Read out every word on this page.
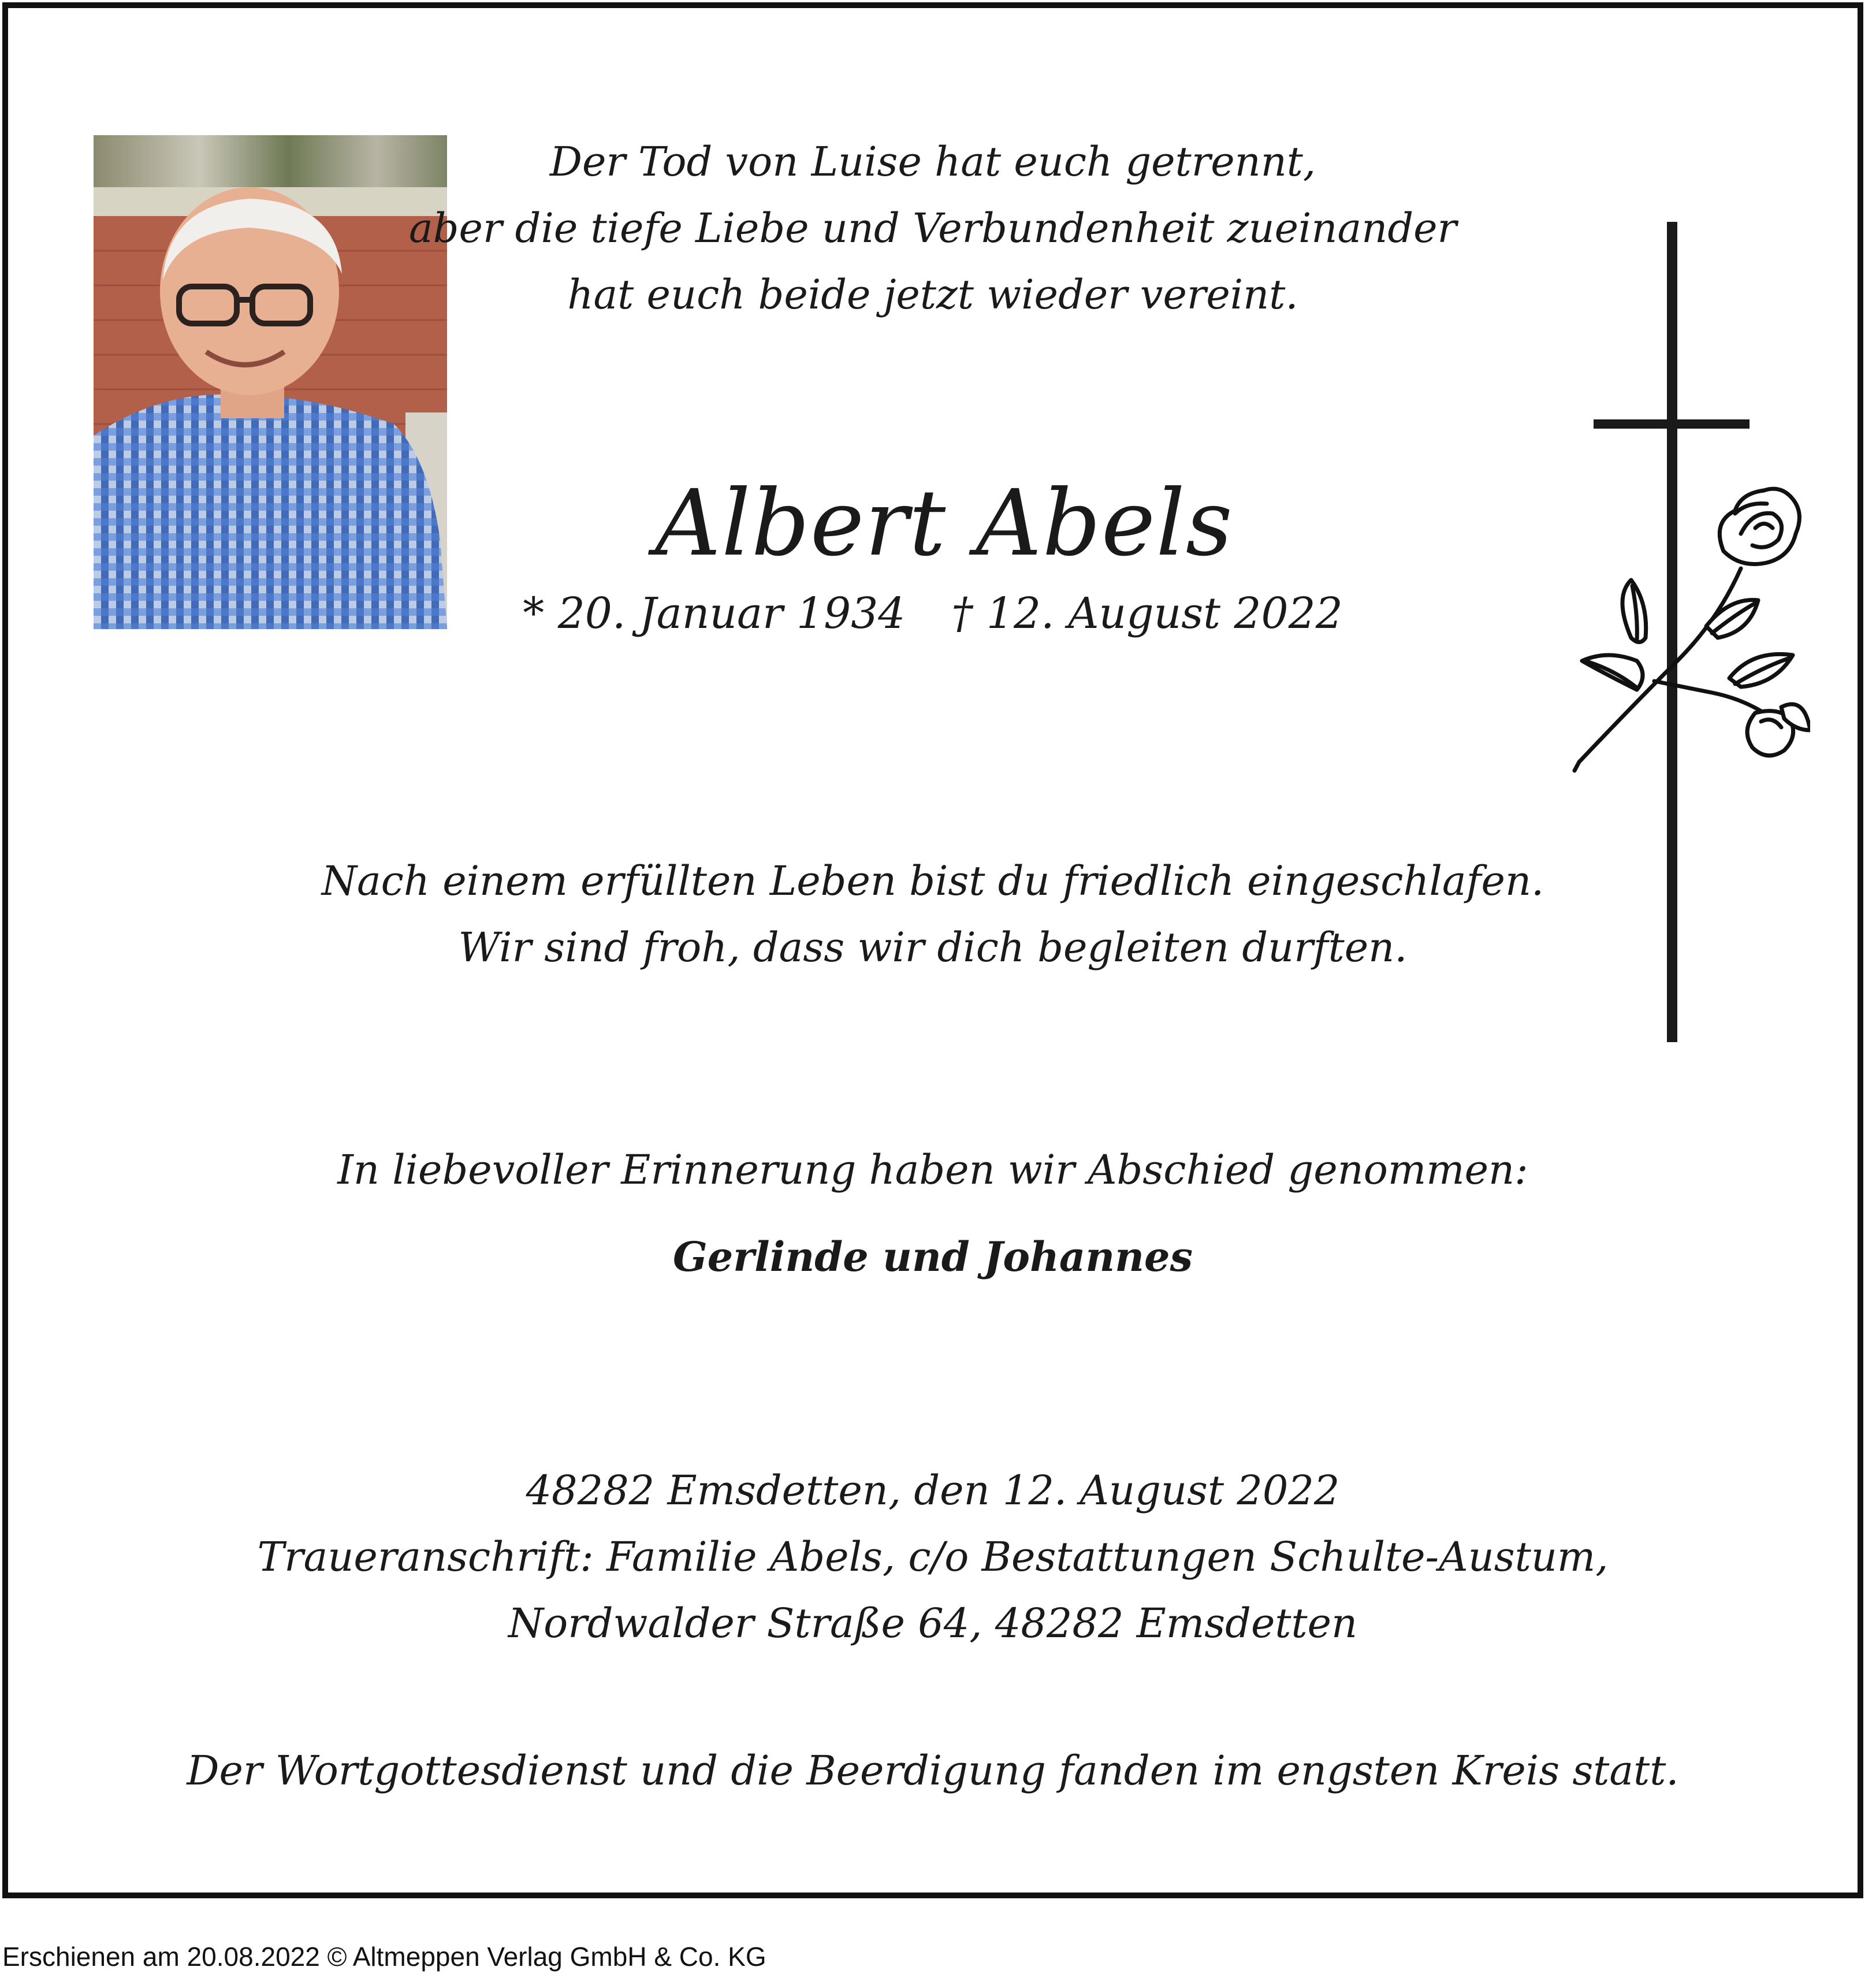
Der Tod von Luise hat euch getrennt,

aber die tiefe Liebe und Verbundenheit zueinander

hat euch beide jetzt wieder vereint.

Albert Abels
* 20. Januar 1934 † 12. August 2022

Nach einem erfüllten Leben bist du friedlich eingeschlafen.

Wir sind froh, dass wir dich begleiten durften.

In liebevoller Erinnerung haben wir Abschied genommen:

Gerlinde und Johannes

48282 Emsdetten, den 12. August 2022

Traueranschrift: Familie Abels, c/o Bestattungen Schulte-Austum,

Nordwalder Straße 64, 48282 Emsdetten

Der Wortgottesdienst und die Beerdigung fanden im engsten Kreis statt.

Erschienen am 20.08.2022 © Altmeppen Verlag GmbH & Co. KG
